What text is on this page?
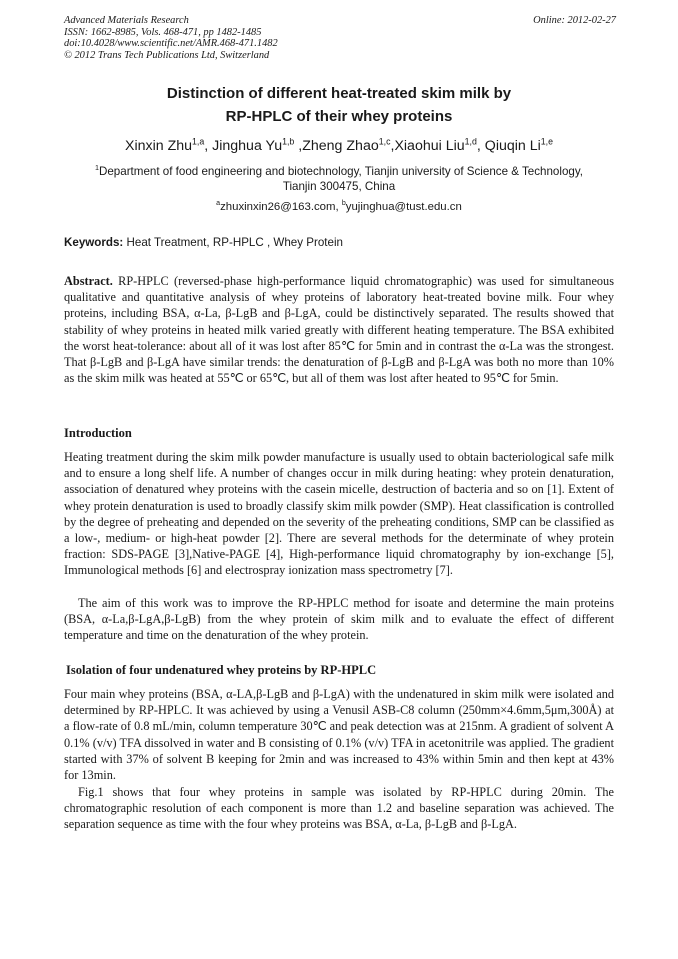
Advanced Materials Research
ISSN: 1662-8985, Vols. 468-471, pp 1482-1485
doi:10.4028/www.scientific.net/AMR.468-471.1482
© 2012 Trans Tech Publications Ltd, Switzerland
Online: 2012-02-27
Distinction of different heat-treated skim milk by
RP-HPLC of their whey proteins
Xinxin Zhu$^{1,a}$, Jinghua Yu$^{1,b}$ ,Zheng Zhao$^{1,c}$,Xiaohui Liu$^{1,d}$, Qiuqin Li$^{1,e}$
$^1$Department of food engineering and biotechnology, Tianjin university of Science & Technology,
Tianjin 300475, China
$^a$zhuxinxin26@163.com, $^b$yujinghua@tust.edu.cn
Keywords: Heat Treatment, RP-HPLC , Whey Protein
Abstract. RP-HPLC (reversed-phase high-performance liquid chromatographic) was used for simultaneous qualitative and quantitative analysis of whey proteins of laboratory heat-treated bovine milk. Four whey proteins, including BSA, α-La, β-LgB and β-LgA, could be distinctively separated. The results showed that stability of whey proteins in heated milk varied greatly with different heating temperature. The BSA exhibited the worst heat-tolerance: about all of it was lost after 85℃ for 5min and in contrast the α-La was the strongest. That β-LgB and β-LgA have similar trends: the denaturation of β-LgB and β-LgA was both no more than 10% as the skim milk was heated at 55℃ or 65℃, but all of them was lost after heated to 95℃ for 5min.
Introduction
Heating treatment during the skim milk powder manufacture is usually used to obtain bacteriological safe milk and to ensure a long shelf life. A number of changes occur in milk during heating: whey protein denaturation, association of denatured whey proteins with the casein micelle, destruction of bacteria and so on [1]. Extent of whey protein denaturation is used to broadly classify skim milk powder (SMP). Heat classification is controlled by the degree of preheating and depended on the severity of the preheating conditions, SMP can be classified as a low-, medium- or high-heat powder [2]. There are several methods for the determinate of whey protein fraction: SDS-PAGE [3],Native-PAGE [4], High-performance liquid chromatography by ion-exchange [5], Immunological methods [6] and electrospray ionization mass spectrometry [7].
The aim of this work was to improve the RP-HPLC method for isoate and determine the main proteins (BSA, α-La,β-LgA,β-LgB) from the whey protein of skim milk and to evaluate the effect of different temperature and time on the denaturation of the whey protein.
Isolation of four undenatured whey proteins by RP-HPLC
Four main whey proteins (BSA, α-LA,β-LgB and β-LgA) with the undenatured in skim milk were isolated and determined by RP-HPLC. It was achieved by using a Venusil ASB-C8 column (250mm×4.6mm,5μm,300Å) at a flow-rate of 0.8 mL/min, column temperature 30℃ and peak detection was at 215nm. A gradient of solvent A 0.1% (v/v) TFA dissolved in water and B consisting of 0.1% (v/v) TFA in acetonitrile was applied. The gradient started with 37% of solvent B keeping for 2min and was increased to 43% within 5min and then kept at 43% for 13min.
Fig.1 shows that four whey proteins in sample was isolated by RP-HPLC during 20min. The chromatographic resolution of each component is more than 1.2 and baseline separation was achieved. The separation sequence as time with the four whey proteins was BSA, α-La, β-LgB and β-LgA.
